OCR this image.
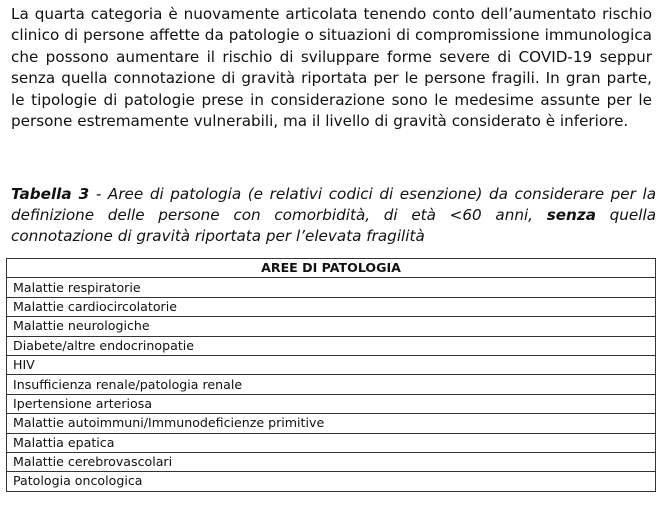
La quarta categoria è nuovamente articolata tenendo conto dell’aumentato rischio clinico di persone affette da patologie o situazioni di compromissione immunologica che possono aumentare il rischio di sviluppare forme severe di COVID-19 seppur senza quella connotazione di gravità riportata per le persone fragili. In gran parte, le tipologie di patologie prese in considerazione sono le medesime assunte per le persone estremamente vulnerabili, ma il livello di gravità considerato è inferiore.

Tabella 3 - Aree di patologia (e relativi codici di esenzione) da considerare per la definizione delle persone con comorbidità, di età <60 anni, senza quella connotazione di gravità riportata per l’elevata fragilità

AREE DI PATOLOGIA
Malattie respiratorie
Malattie cardiocircolatorie
Malattie neurologiche
Diabete/altre endocrinopatie
HIV
Insufficienza renale/patologia renale
Ipertensione arteriosa
Malattie autoimmuni/Immunodeficienze primitive
Malattia epatica
Malattie cerebrovascolari
Patologia oncologica
